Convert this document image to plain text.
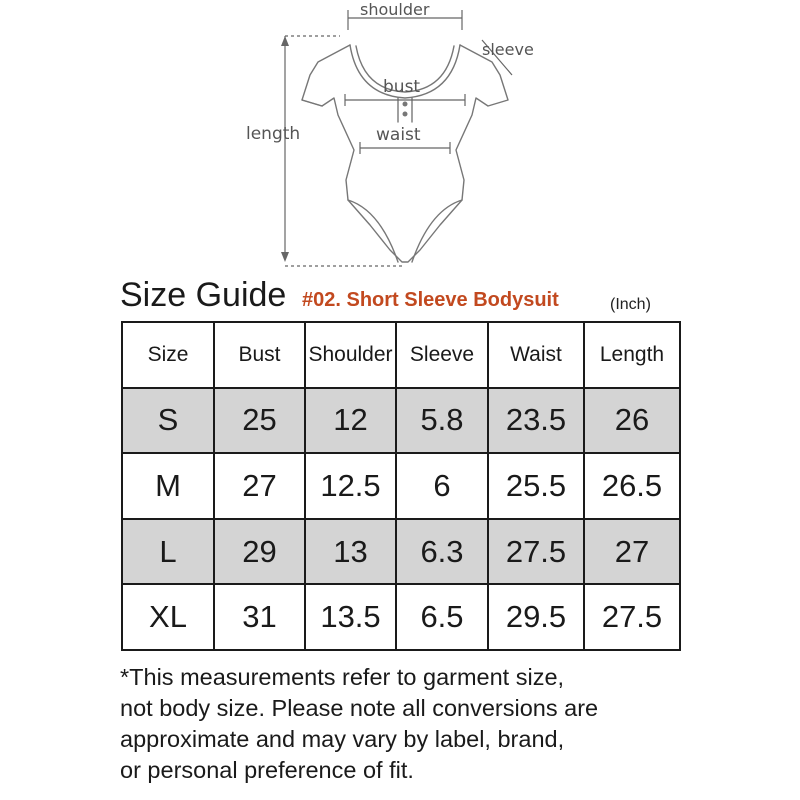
shoulder
sleeve
bust
waist
length
Size Guide #02. Short Sleeve Bodysuit	(Inch)
Size	Bust	Shoulder	Sleeve	Waist	Length
S	25	12	5.8	23.5	26
M	27	12.5	6	25.5	26.5
L	29	13	6.3	27.5	27
XL	31	13.5	6.5	29.5	27.5
*This measurements refer to garment size,
not body size. Please note all conversions are
approximate and may vary by label, brand,
or personal preference of fit.
